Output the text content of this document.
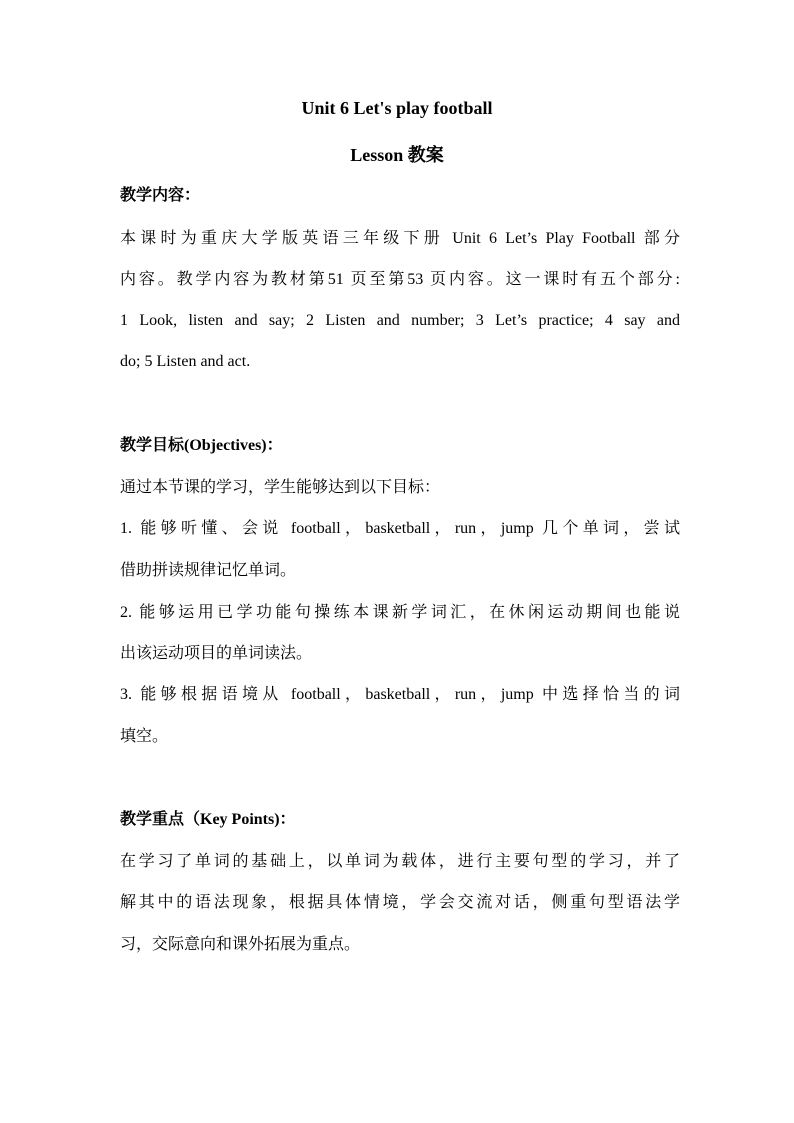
Unit 6 Let's play football
Lesson 教案
教学内容：
本课时为重庆大学版英语三年级下册 Unit 6 Let’s Play Football 部分
内容。教学内容为教材第51 页至第53 页内容。这一课时有五个部分:
1 Look, listen and say; 2 Listen and number; 3 Let’s practice; 4 say and
do; 5 Listen and act.
教学目标(Objectives)：
通过本节课的学习，学生能够达到以下目标：
1. 能够听懂、会说 football，basketball，run，jump 几个单词，尝试
借助拼读规律记忆单词。
2. 能够运用已学功能句操练本课新学词汇，在休闲运动期间也能说
出该运动项目的单词读法。
3. 能够根据语境从 football，basketball，run，jump 中选择恰当的词
填空。
教学重点（Key Points)：
在学习了单词的基础上，以单词为载体，进行主要句型的学习，并了
解其中的语法现象，根据具体情境，学会交流对话，侧重句型语法学
习，交际意向和课外拓展为重点。
